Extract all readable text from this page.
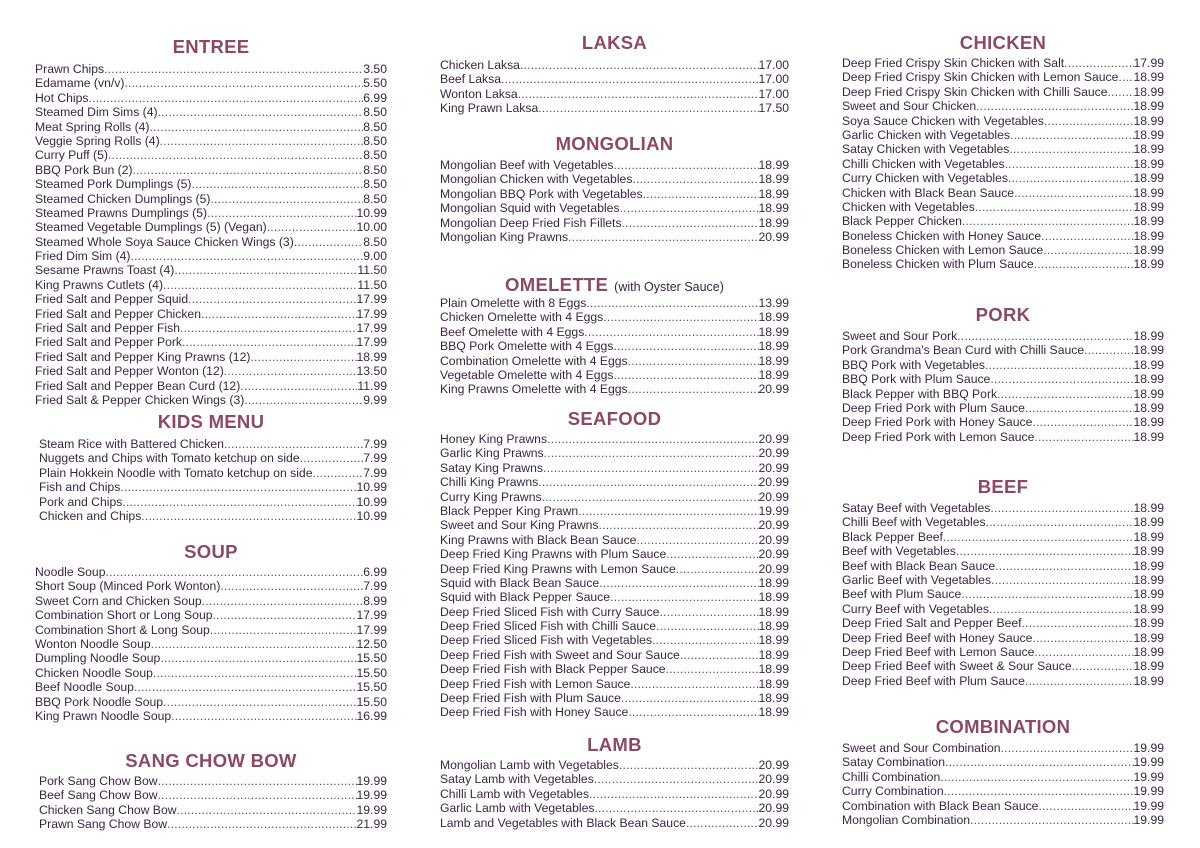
ENTREE
Prawn Chips .....	3.50
Edamame (vn/v) .....	5.50
Hot Chips .....	6.99
Steamed Dim Sims (4) .....	8.50
Meat Spring Rolls (4) .....	8.50
Veggie Spring Rolls (4) .....	8.50
Curry Puff (5) .....	8.50
BBQ Pork Bun (2) .....	8.50
Steamed Pork Dumplings (5) .....	8.50
Steamed Chicken Dumplings (5) .....	8.50
Steamed Prawns Dumplings (5) .....	10.99
Steamed Vegetable Dumplings (5) (Vegan) .....	10.00
Steamed Whole Soya Sauce Chicken Wings (3) .....	8.50
Fried Dim Sim (4) .....	9.00
Sesame Prawns Toast (4) .....	11.50
King Prawns Cutlets (4) .....	11.50
Fried Salt and Pepper Squid .....	17.99
Fried Salt and Pepper Chicken .....	17.99
Fried Salt and Pepper Fish .....	17.99
Fried Salt and Pepper Pork .....	17.99
Fried Salt and Pepper King Prawns (12) .....	18.99
Fried Salt and Pepper Wonton (12) .....	13.50
Fried Salt and Pepper Bean Curd (12) .....	11.99
Fried Salt & Pepper Chicken Wings (3) .....	9.99
KIDS MENU
Steam Rice with Battered Chicken .....	7.99
Nuggets and Chips with Tomato ketchup on side .....	7.99
Plain Hokkein Noodle with Tomato ketchup on side .....	7.99
Fish and Chips .....	10.99
Pork and Chips .....	10.99
Chicken and Chips .....	10.99
SOUP
Noodle Soup .....	6.99
Short Soup (Minced Pork Wonton) .....	7.99
Sweet Corn and Chicken Soup .....	8.99
Combination Short or Long Soup .....	17.99
Combination Short & Long Soup .....	17.99
Wonton Noodle Soup .....	12.50
Dumpling Noodle Soup .....	15.50
Chicken Noodle Soup .....	15.50
Beef Noodle Soup .....	15.50
BBQ Pork Noodle Soup .....	15.50
King Prawn Noodle Soup .....	16.99
SANG CHOW BOW
Pork Sang Chow Bow .....	19.99
Beef Sang Chow Bow .....	19.99
Chicken Sang Chow Bow .....	19.99
Prawn Sang Chow Bow .....	21.99
LAKSA
Chicken Laksa .....	17.00
Beef Laksa .....	17.00
Wonton Laksa .....	17.00
King Prawn Laksa .....	17.50
MONGOLIAN
Mongolian Beef with Vegetables .....	18.99
Mongolian Chicken with Vegetables .....	18.99
Mongolian BBQ Pork with Vegetables .....	18.99
Mongolian Squid with Vegetables .....	18.99
Mongolian Deep Fried Fish Fillets .....	18.99
Mongolian King Prawns .....	20.99
OMELETTE (with Oyster Sauce)
Plain Omelette with 8 Eggs .....	13.99
Chicken Omelette with 4 Eggs .....	18.99
Beef Omelette with 4 Eggs .....	18.99
BBQ Pork Omelette with 4 Eggs .....	18.99
Combination Omelette with 4 Eggs .....	18.99
Vegetable Omelette with 4 Eggs .....	18.99
King Prawns Omelette with 4 Eggs .....	20.99
SEAFOOD
Honey King Prawns .....	20.99
Garlic King Prawns .....	20.99
Satay King Prawns .....	20.99
Chilli King Prawns .....	20.99
Curry King Prawns .....	20.99
Black Pepper King Prawn .....	19.99
Sweet and Sour King Prawns .....	20.99
King Prawns with Black Bean Sauce .....	20.99
Deep Fried King Prawns with Plum Sauce .....	20.99
Deep Fried King Prawns with Lemon Sauce .....	20.99
Squid with Black Bean Sauce .....	18.99
Squid with Black Pepper Sauce .....	18.99
Deep Fried Sliced Fish with Curry Sauce .....	18.99
Deep Fried Sliced Fish with Chilli Sauce .....	18.99
Deep Fried Sliced Fish with Vegetables .....	18.99
Deep Fried Fish with Sweet and Sour Sauce .....	18.99
Deep Fried Fish with Black Pepper Sauce .....	18.99
Deep Fried Fish with Lemon Sauce .....	18.99
Deep Fried Fish with Plum Sauce .....	18.99
Deep Fried Fish with Honey Sauce .....	18.99
LAMB
Mongolian Lamb with Vegetables .....	20.99
Satay Lamb with Vegetables .....	20.99
Chilli Lamb with Vegetables .....	20.99
Garlic Lamb with Vegetables .....	20.99
Lamb and Vegetables with Black Bean Sauce .....	20.99
CHICKEN
Deep Fried Crispy Skin Chicken with Salt .....	17.99
Deep Fried Crispy Skin Chicken with Lemon Sauce ..... 18.99
Deep Fried Crispy Skin Chicken with Chilli Sauce ..... 18.99
Sweet and Sour Chicken .....	18.99
Soya Sauce Chicken with Vegetables .....	18.99
Garlic Chicken with Vegetables .....	18.99
Satay Chicken with Vegetables .....	18.99
Chilli Chicken with Vegetables .....	18.99
Curry Chicken with Vegetables .....	18.99
Chicken with Black Bean Sauce .....	18.99
Chicken with Vegetables .....	18.99
Black Pepper Chicken .....	18.99
Boneless Chicken with Honey Sauce .....	18.99
Boneless Chicken with Lemon Sauce .....	18.99
Boneless Chicken with Plum Sauce .....	18.99
PORK
Sweet and Sour Pork .....	18.99
Pork Grandma's Bean Curd with Chilli Sauce .....	18.99
BBQ Pork with Vegetables .....	18.99
BBQ Pork with Plum Sauce .....	18.99
Black Pepper with BBQ Pork .....	18.99
Deep Fried Pork with Plum Sauce .....	18.99
Deep Fried Pork with Honey Sauce .....	18.99
Deep Fried Pork with Lemon Sauce .....	18.99
BEEF
Satay Beef with Vegetables .....	18.99
Chilli Beef with Vegetables .....	18.99
Black Pepper Beef .....	18.99
Beef with Vegetables .....	18.99
Beef with Black Bean Sauce .....	18.99
Garlic Beef with Vegetables .....	18.99
Beef with Plum Sauce .....	18.99
Curry Beef with Vegetables .....	18.99
Deep Fried Salt and Pepper Beef .....	18.99
Deep Fried Beef with Honey Sauce .....	18.99
Deep Fried Beef with Lemon Sauce .....	18.99
Deep Fried Beef with Sweet & Sour Sauce .....	18.99
Deep Fried Beef with Plum Sauce .....	18.99
COMBINATION
Sweet and Sour Combination .....	19.99
Satay Combination .....	19.99
Chilli Combination .....	19.99
Curry Combination .....	19.99
Combination with Black Bean Sauce .....	19.99
Mongolian Combination .....	19.99
